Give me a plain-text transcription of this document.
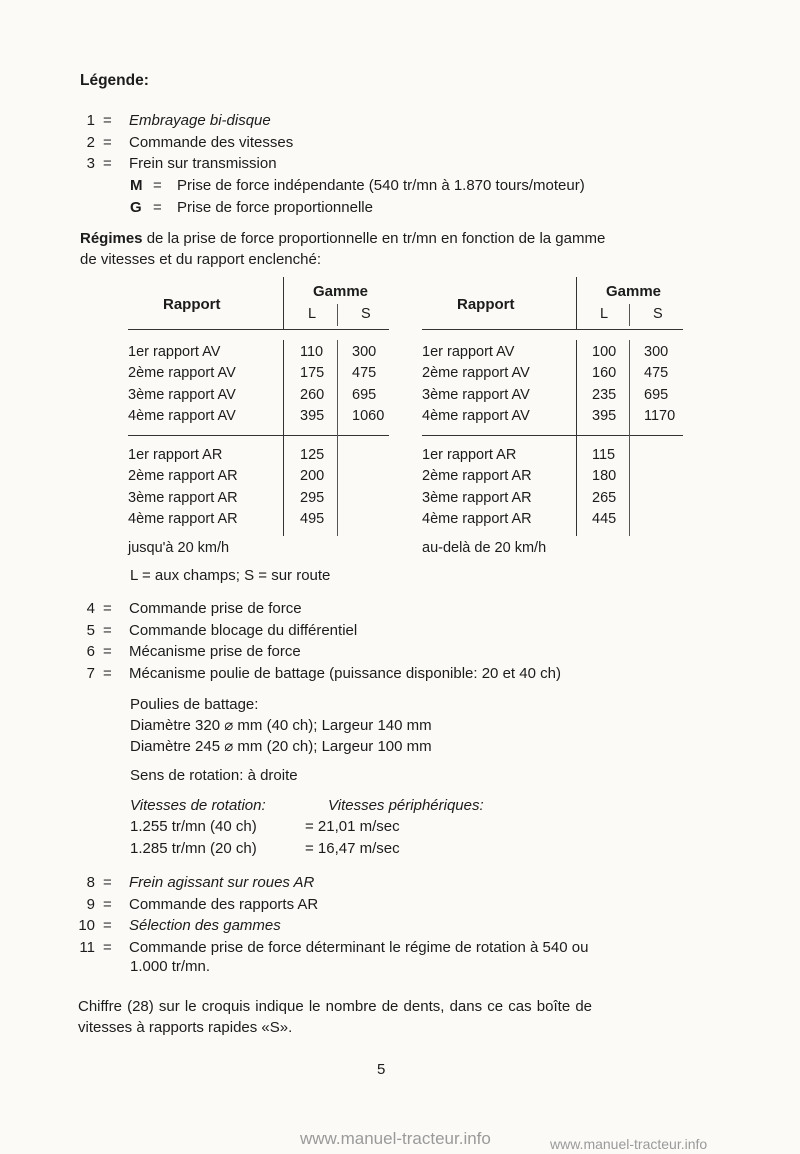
Légende:
1 = Embrayage bi-disque
2 = Commande des vitesses
3 = Frein sur transmission
M = Prise de force indépendante (540 tr/mn à 1.870 tours/moteur)
G = Prise de force proportionnelle
Régimes de la prise de force proportionnelle en tr/mn en fonction de la gamme
de vitesses et du rapport enclenché:
Rapport
Gamme
L	S
1er rapport AV	110 300
2ème rapport AV	175 475
3ème rapport AV	260 695
4ème rapport AV	395 1060
1er rapport AR	125
2ème rapport AR	200
3ème rapport AR	295
4ème rapport AR	495
jusqu'à 20 km/h
Rapport
Gamme
L	S
1er rapport AV	100 300
2ème rapport AV	160 475
3ème rapport AV	235 695
4ème rapport AV	395 1170
1er rapport AR	115
2ème rapport AR	180
3ème rapport AR	265
4ème rapport AR	445
au-delà de 20 km/h
L = aux champs; S = sur route
4 = Commande prise de force
5 = Commande blocage du différentiel
6 = Mécanisme prise de force
7 = Mécanisme poulie de battage (puissance disponible: 20 et 40 ch)
Poulies de battage:
Diamètre 320 ⌀ mm (40 ch); Largeur 140 mm
Diamètre 245 ⌀ mm (20 ch); Largeur 100 mm
Sens de rotation: à droite
Vitesses de rotation:	Vitesses périphériques:
1.255 tr/mn (40 ch)	= 21,01 m/sec
1.285 tr/mn (20 ch)	= 16,47 m/sec
8 = Frein agissant sur roues AR
9 = Commande des rapports AR
10 = Sélection des gammes
11 = Commande prise de force déterminant le régime de rotation à 540 ou
1.000 tr/mn.
Chiffre (28) sur le croquis indique le nombre de dents, dans ce cas boîte de
vitesses à rapports rapides «S».
5
www.manuel-tracteur.info	www.manuel-tracteur.info
